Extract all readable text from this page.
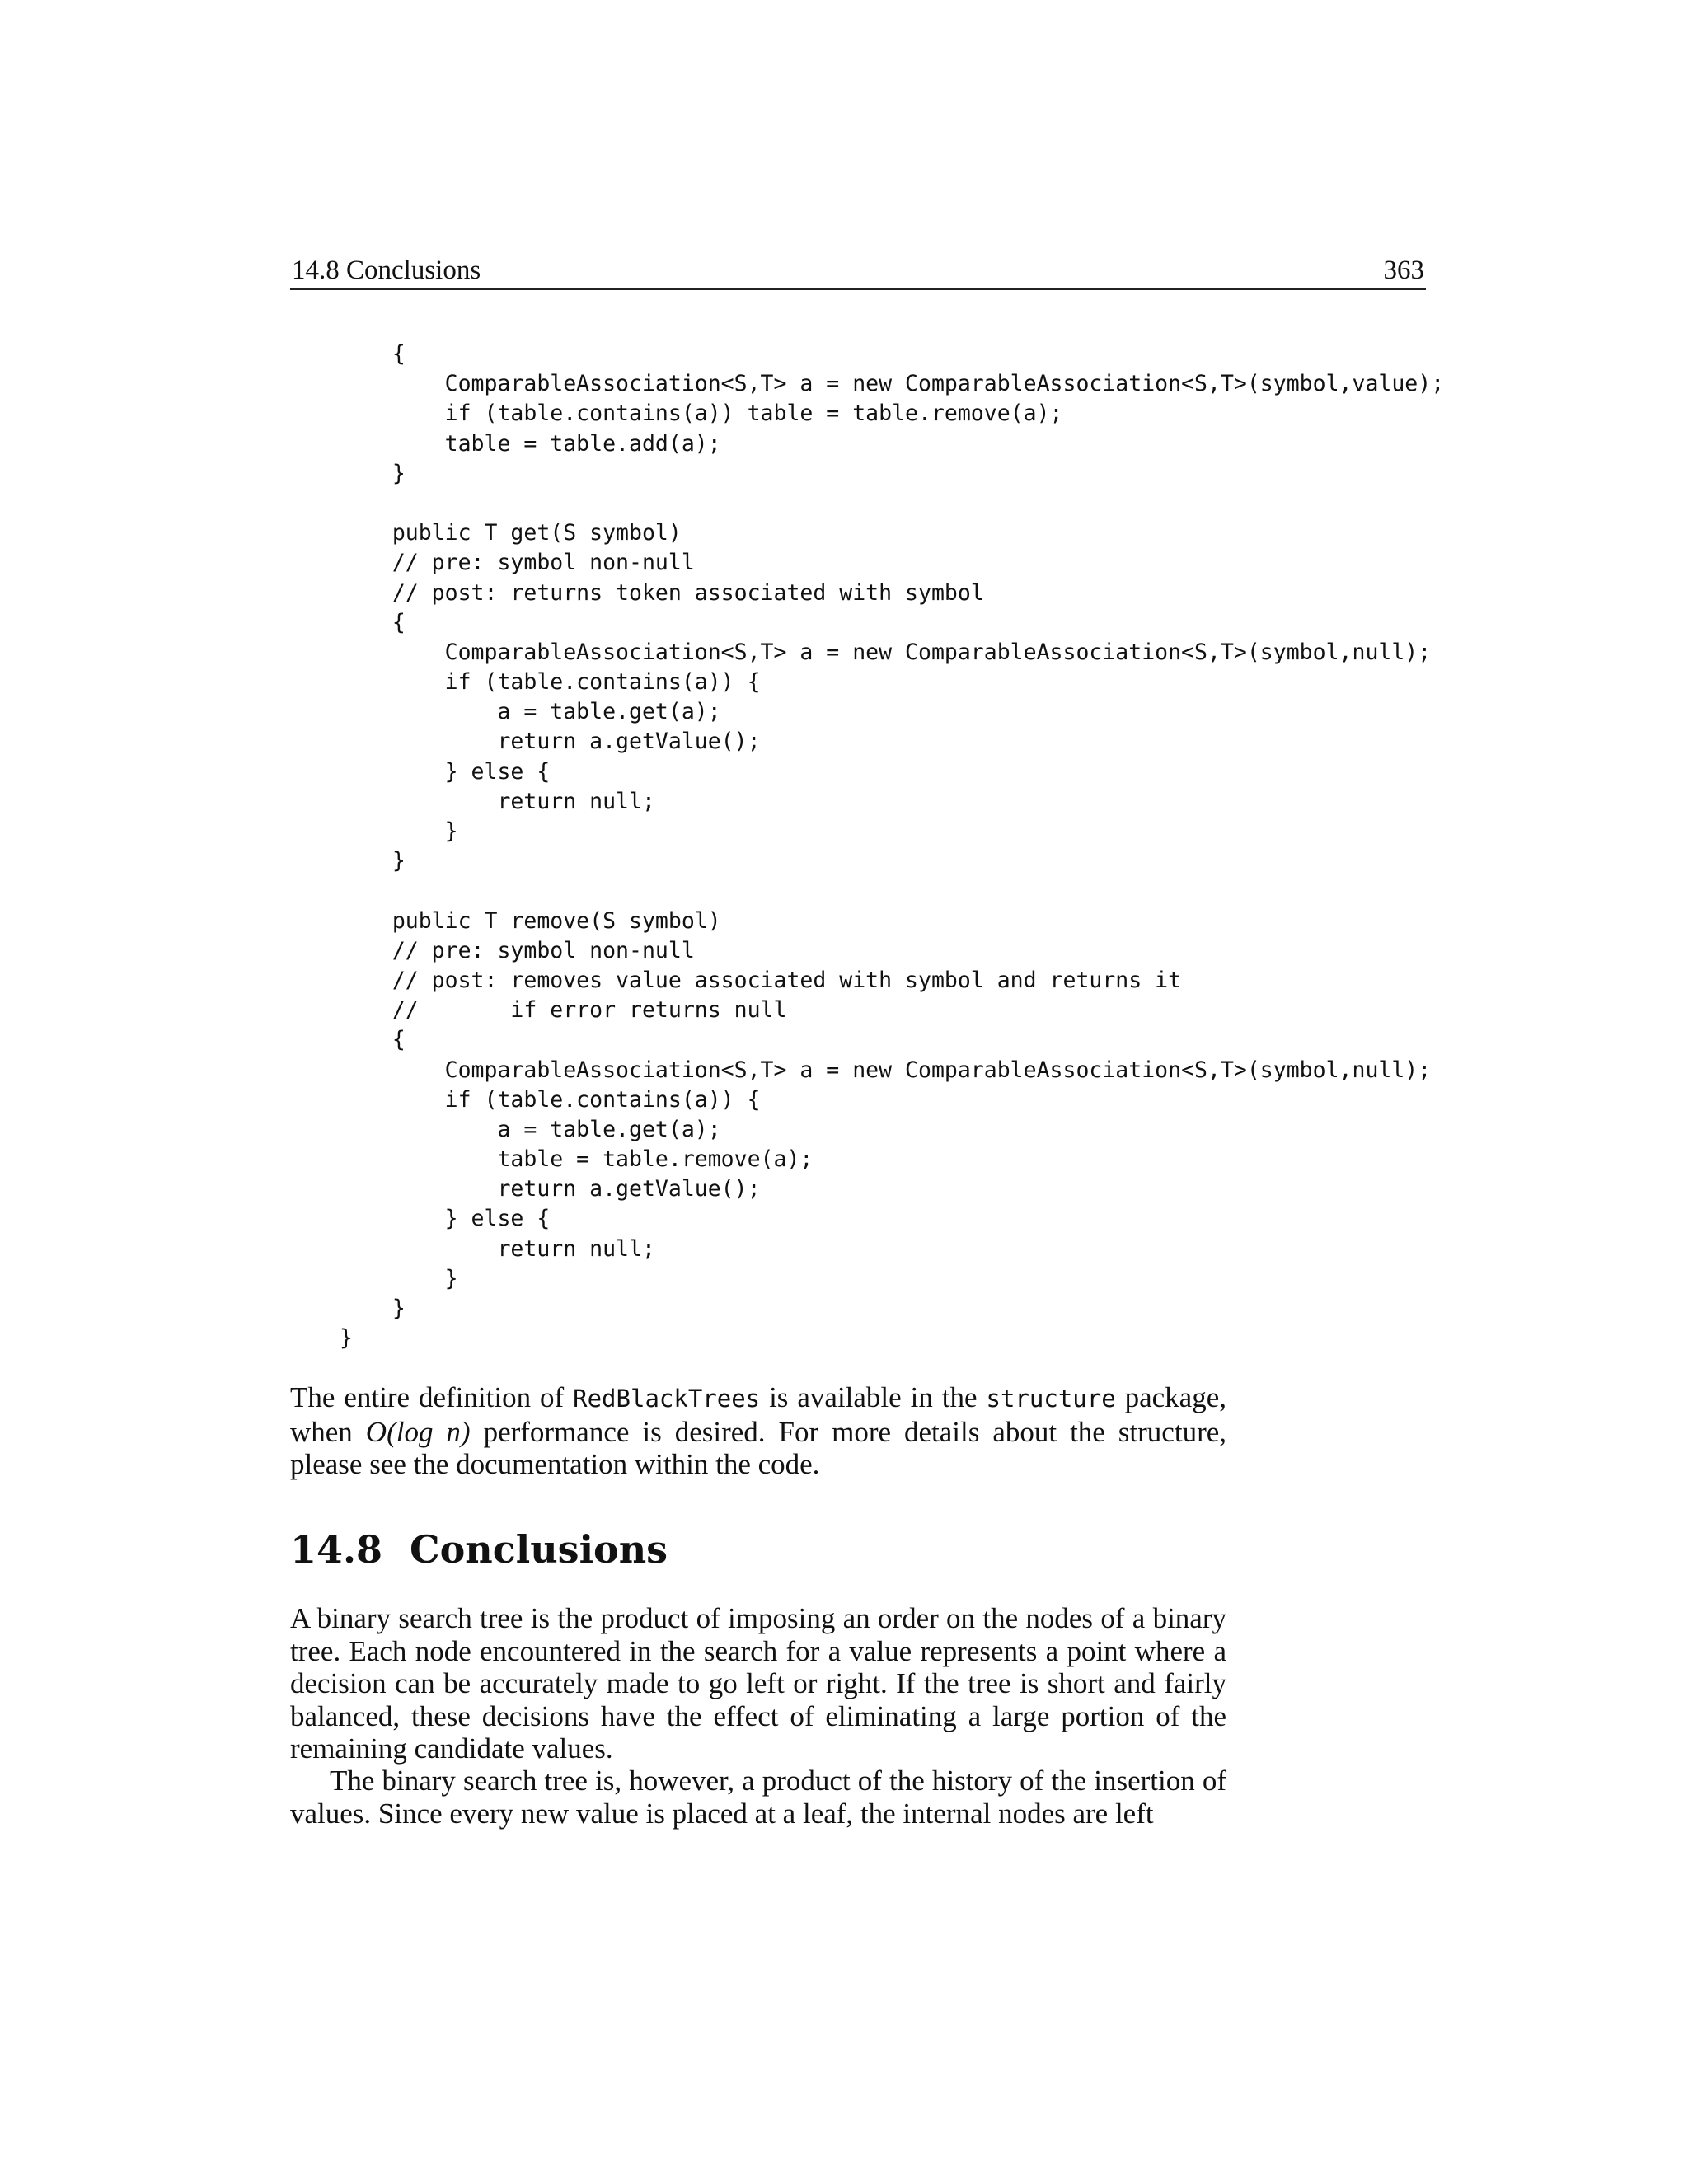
14.8 Conclusions	363
{
ComparableAssociation<S,T> a = new ComparableAssociation<S,T>(symbol,value);
if (table.contains(a)) table = table.remove(a);
table = table.add(a);
}
public T get(S symbol)
// pre: symbol non-null
// post: returns token associated with symbol
{
ComparableAssociation<S,T> a = new ComparableAssociation<S,T>(symbol,null);
if (table.contains(a)) {
a = table.get(a);
return a.getValue();
} else {
return null;
}
}
public T remove(S symbol)
// pre: symbol non-null
// post: removes value associated with symbol and returns it
//       if error returns null
{
ComparableAssociation<S,T> a = new ComparableAssociation<S,T>(symbol,null);
if (table.contains(a)) {
a = table.get(a);
table = table.remove(a);
return a.getValue();
} else {
return null;
}
}
}

The entire definition of RedBlackTrees is available in the structure package, when O(log n) performance is desired. For more details about the structure, please see the documentation within the code.

14.8 Conclusions

A binary search tree is the product of imposing an order on the nodes of a binary tree. Each node encountered in the search for a value represents a point where a decision can be accurately made to go left or right. If the tree is short and fairly balanced, these decisions have the effect of eliminating a large portion of the remaining candidate values.

The binary search tree is, however, a product of the history of the insertion of values. Since every new value is placed at a leaf, the internal nodes are left
